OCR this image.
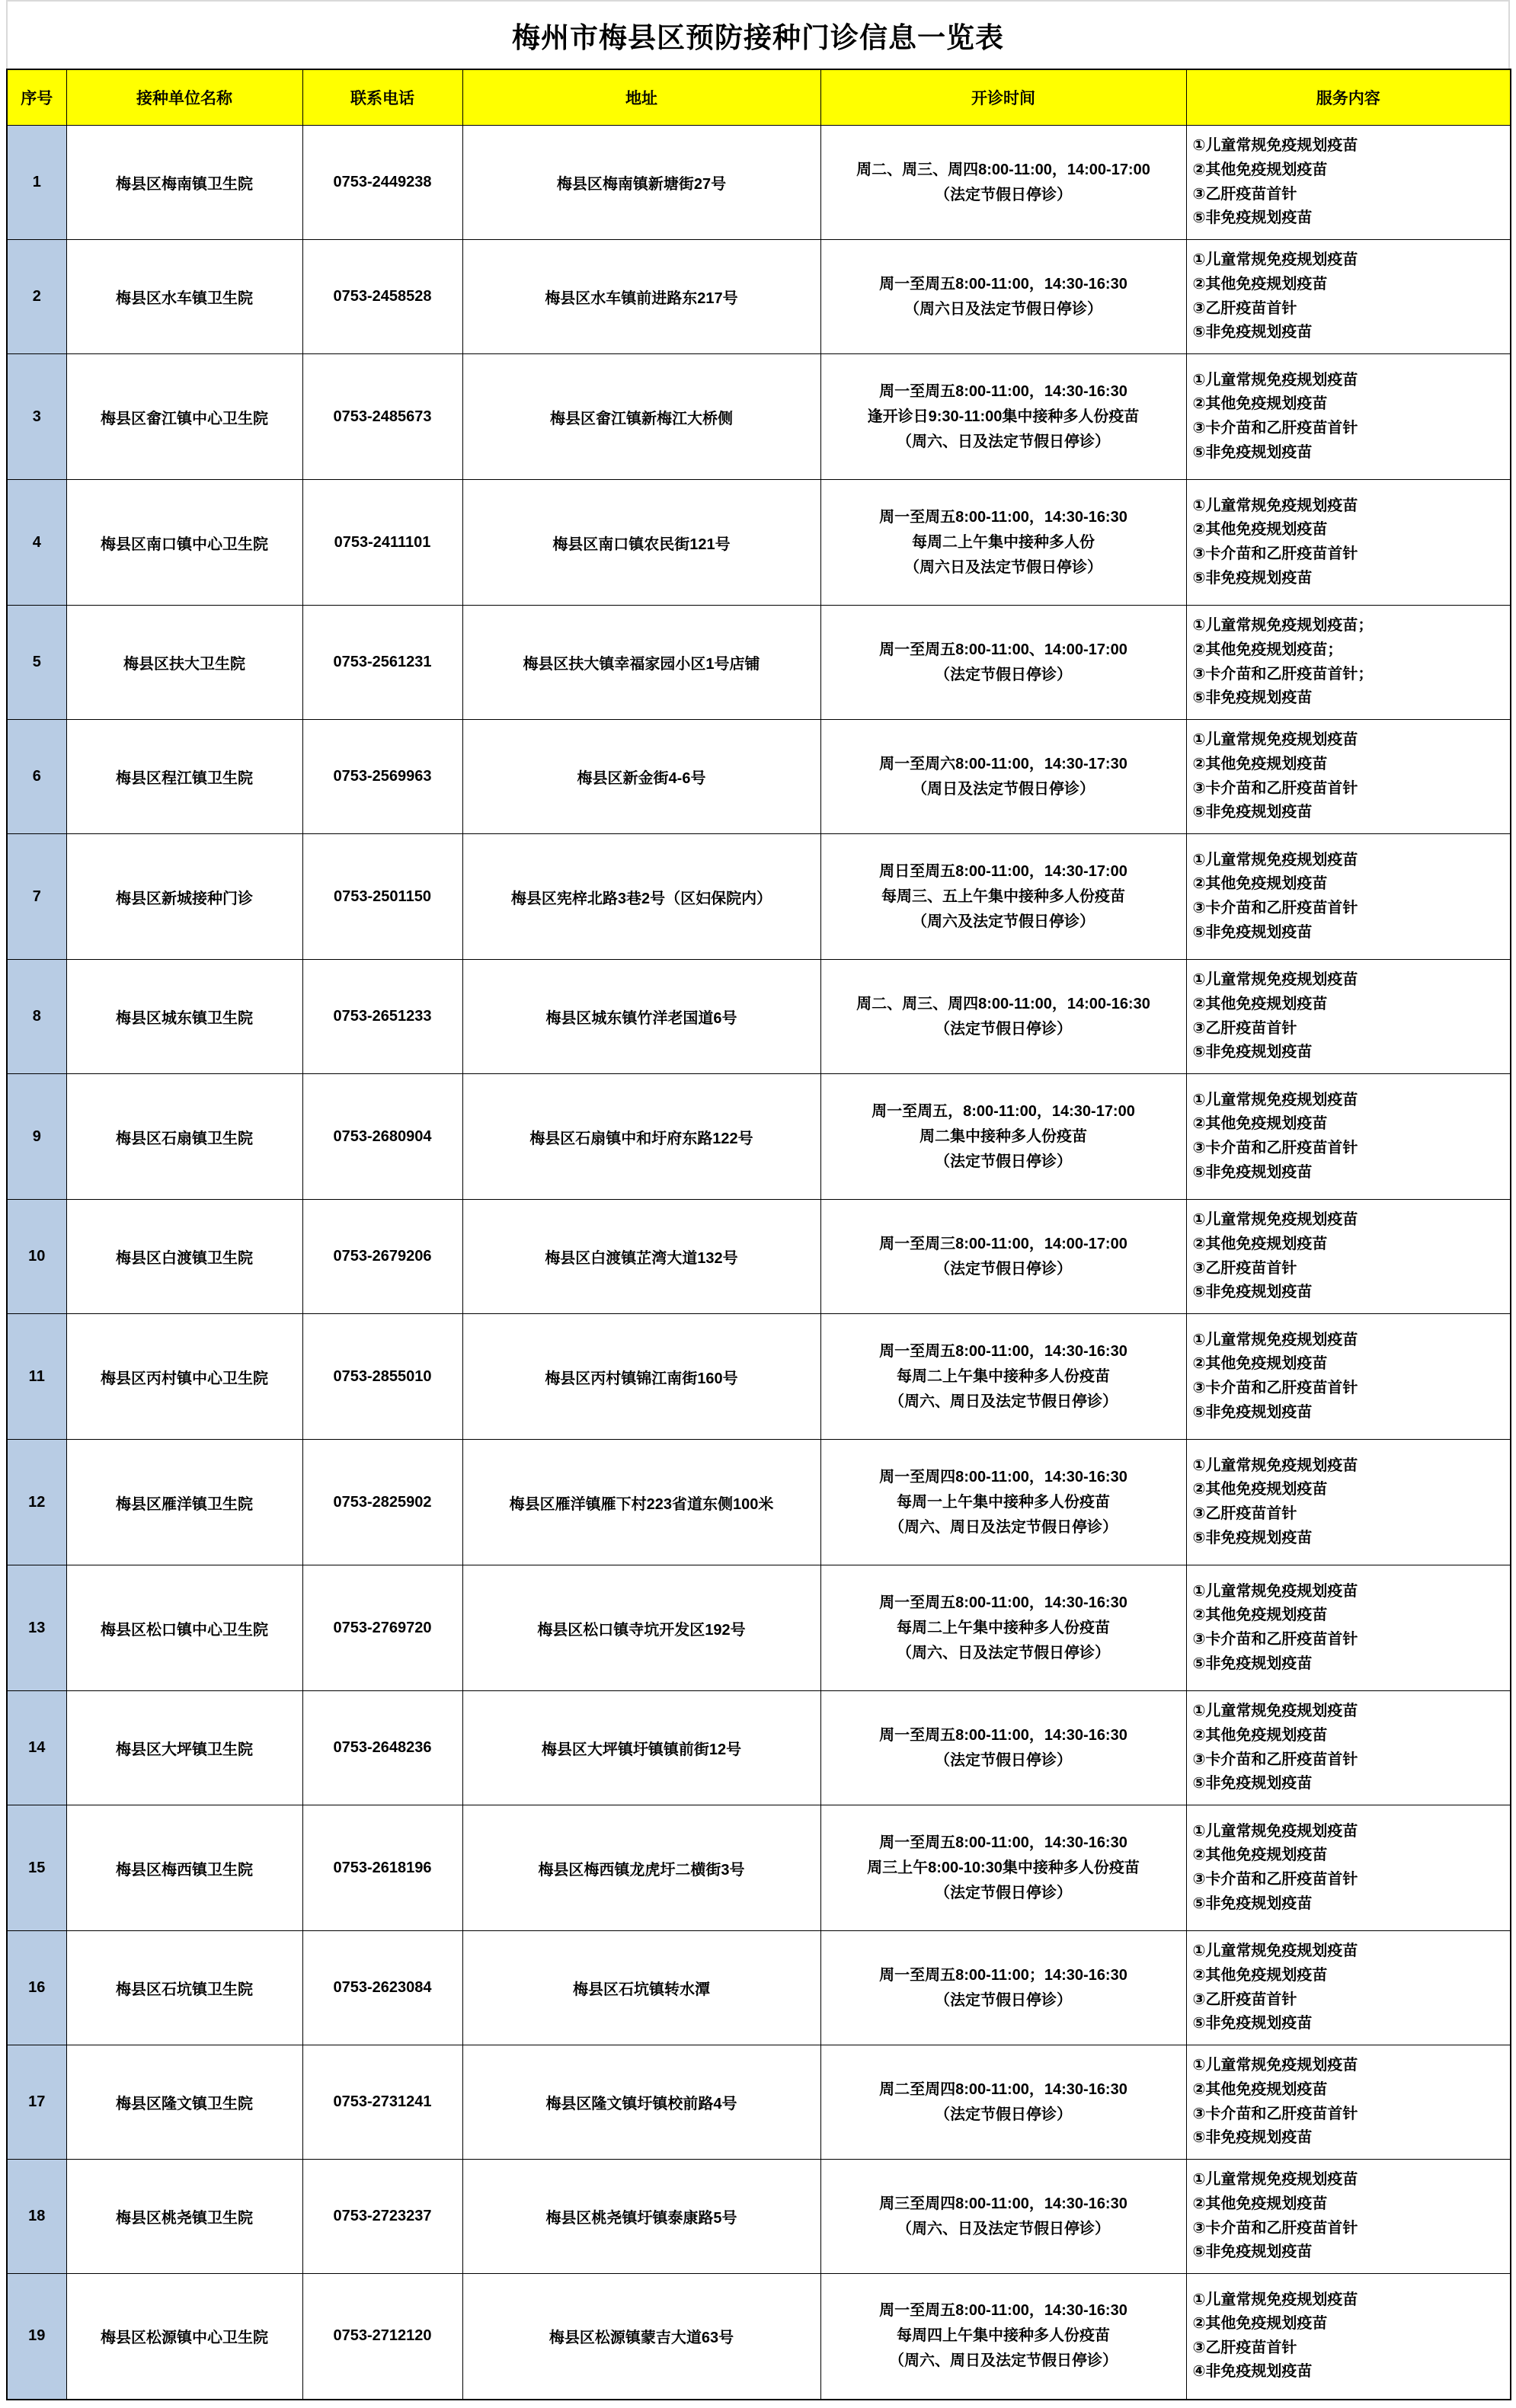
梅州市梅县区预防接种门诊信息一览表
序号	接种单位名称	联系电话	地址	开诊时间	服务内容
1	梅县区梅南镇卫生院	0753-2449238	梅县区梅南镇新塘街27号	周二、周三、周四8:00-11:00，14:00-17:00
（法定节假日停诊）	①儿童常规免疫规划疫苗
②其他免疫规划疫苗
③乙肝疫苗首针
⑤非免疫规划疫苗

2	梅县区水车镇卫生院	0753-2458528	梅县区水车镇前进路东217号	周一至周五8:00-11:00，14:30-16:30
（周六日及法定节假日停诊）	①儿童常规免疫规划疫苗
②其他免疫规划疫苗
③乙肝疫苗首针
⑤非免疫规划疫苗

3	梅县区畲江镇中心卫生院	0753-2485673	梅县区畲江镇新梅江大桥侧	周一至周五8:00-11:00，14:30-16:30
逢开诊日9:30-11:00集中接种多人份疫苗
（周六、日及法定节假日停诊）	①儿童常规免疫规划疫苗
②其他免疫规划疫苗
③卡介苗和乙肝疫苗首针
⑤非免疫规划疫苗

4	梅县区南口镇中心卫生院	0753-2411101	梅县区南口镇农民街121号	周一至周五8:00-11:00，14:30-16:30
每周二上午集中接种多人份
（周六日及法定节假日停诊）	①儿童常规免疫规划疫苗
②其他免疫规划疫苗
③卡介苗和乙肝疫苗首针
⑤非免疫规划疫苗

5	梅县区扶大卫生院	0753-2561231	梅县区扶大镇幸福家园小区1号店铺	周一至周五8:00-11:00、14:00-17:00
（法定节假日停诊）	①儿童常规免疫规划疫苗；
②其他免疫规划疫苗；
③卡介苗和乙肝疫苗首针；
⑤非免疫规划疫苗

6	梅县区程江镇卫生院	0753-2569963	梅县区新金街4-6号	周一至周六8:00-11:00，14:30-17:30
（周日及法定节假日停诊）	①儿童常规免疫规划疫苗
②其他免疫规划疫苗
③卡介苗和乙肝疫苗首针
⑤非免疫规划疫苗

7	梅县区新城接种门诊	0753-2501150	梅县区宪梓北路3巷2号（区妇保院内）	周日至周五8:00-11:00，14:30-17:00
每周三、五上午集中接种多人份疫苗
（周六及法定节假日停诊）	①儿童常规免疫规划疫苗
②其他免疫规划疫苗
③卡介苗和乙肝疫苗首针
⑤非免疫规划疫苗

8	梅县区城东镇卫生院	0753-2651233	梅县区城东镇竹洋老国道6号	周二、周三、周四8:00-11:00，14:00-16:30
（法定节假日停诊）	①儿童常规免疫规划疫苗
②其他免疫规划疫苗
③乙肝疫苗首针
⑤非免疫规划疫苗

9	梅县区石扇镇卫生院	0753-2680904	梅县区石扇镇中和圩府东路122号	周一至周五，8:00-11:00，14:30-17:00
周二集中接种多人份疫苗
（法定节假日停诊）	①儿童常规免疫规划疫苗
②其他免疫规划疫苗
③卡介苗和乙肝疫苗首针
⑤非免疫规划疫苗

10	梅县区白渡镇卫生院	0753-2679206	梅县区白渡镇芷湾大道132号	周一至周三8:00-11:00，14:00-17:00
（法定节假日停诊）	①儿童常规免疫规划疫苗
②其他免疫规划疫苗
③乙肝疫苗首针
⑤非免疫规划疫苗

11	梅县区丙村镇中心卫生院	0753-2855010	梅县区丙村镇锦江南街160号	周一至周五8:00-11:00，14:30-16:30
每周二上午集中接种多人份疫苗
（周六、周日及法定节假日停诊）	①儿童常规免疫规划疫苗
②其他免疫规划疫苗
③卡介苗和乙肝疫苗首针
⑤非免疫规划疫苗

12	梅县区雁洋镇卫生院	0753-2825902	梅县区雁洋镇雁下村223省道东侧100米	周一至周四8:00-11:00，14:30-16:30
每周一上午集中接种多人份疫苗
（周六、周日及法定节假日停诊）	①儿童常规免疫规划疫苗
②其他免疫规划疫苗
③乙肝疫苗首针
⑤非免疫规划疫苗

13	梅县区松口镇中心卫生院	0753-2769720	梅县区松口镇寺坑开发区192号	周一至周五8:00-11:00，14:30-16:30
每周二上午集中接种多人份疫苗
（周六、日及法定节假日停诊）	①儿童常规免疫规划疫苗
②其他免疫规划疫苗
③卡介苗和乙肝疫苗首针
⑤非免疫规划疫苗

14	梅县区大坪镇卫生院	0753-2648236	梅县区大坪镇圩镇镇前街12号	周一至周五8:00-11:00，14:30-16:30
（法定节假日停诊）	①儿童常规免疫规划疫苗
②其他免疫规划疫苗
③卡介苗和乙肝疫苗首针
⑤非免疫规划疫苗

15	梅县区梅西镇卫生院	0753-2618196	梅县区梅西镇龙虎圩二横街3号	周一至周五8:00-11:00，14:30-16:30
周三上午8:00-10:30集中接种多人份疫苗
（法定节假日停诊）	①儿童常规免疫规划疫苗
②其他免疫规划疫苗
③卡介苗和乙肝疫苗首针
⑤非免疫规划疫苗

16	梅县区石坑镇卫生院	0753-2623084	梅县区石坑镇转水潭	周一至周五8:00-11:00；14:30-16:30
（法定节假日停诊）	①儿童常规免疫规划疫苗
②其他免疫规划疫苗
③乙肝疫苗首针
⑤非免疫规划疫苗

17	梅县区隆文镇卫生院	0753-2731241	梅县区隆文镇圩镇校前路4号	周二至周四8:00-11:00，14:30-16:30
（法定节假日停诊）	①儿童常规免疫规划疫苗
②其他免疫规划疫苗
③卡介苗和乙肝疫苗首针
⑤非免疫规划疫苗

18	梅县区桃尧镇卫生院	0753-2723237	梅县区桃尧镇圩镇泰康路5号	周三至周四8:00-11:00，14:30-16:30
（周六、日及法定节假日停诊）	①儿童常规免疫规划疫苗
②其他免疫规划疫苗
③卡介苗和乙肝疫苗首针
⑤非免疫规划疫苗

19	梅县区松源镇中心卫生院	0753-2712120	梅县区松源镇蒙吉大道63号	周一至周五8:00-11:00，14:30-16:30
每周四上午集中接种多人份疫苗
（周六、周日及法定节假日停诊）	①儿童常规免疫规划疫苗
②其他免疫规划疫苗
③乙肝疫苗首针
④非免疫规划疫苗
